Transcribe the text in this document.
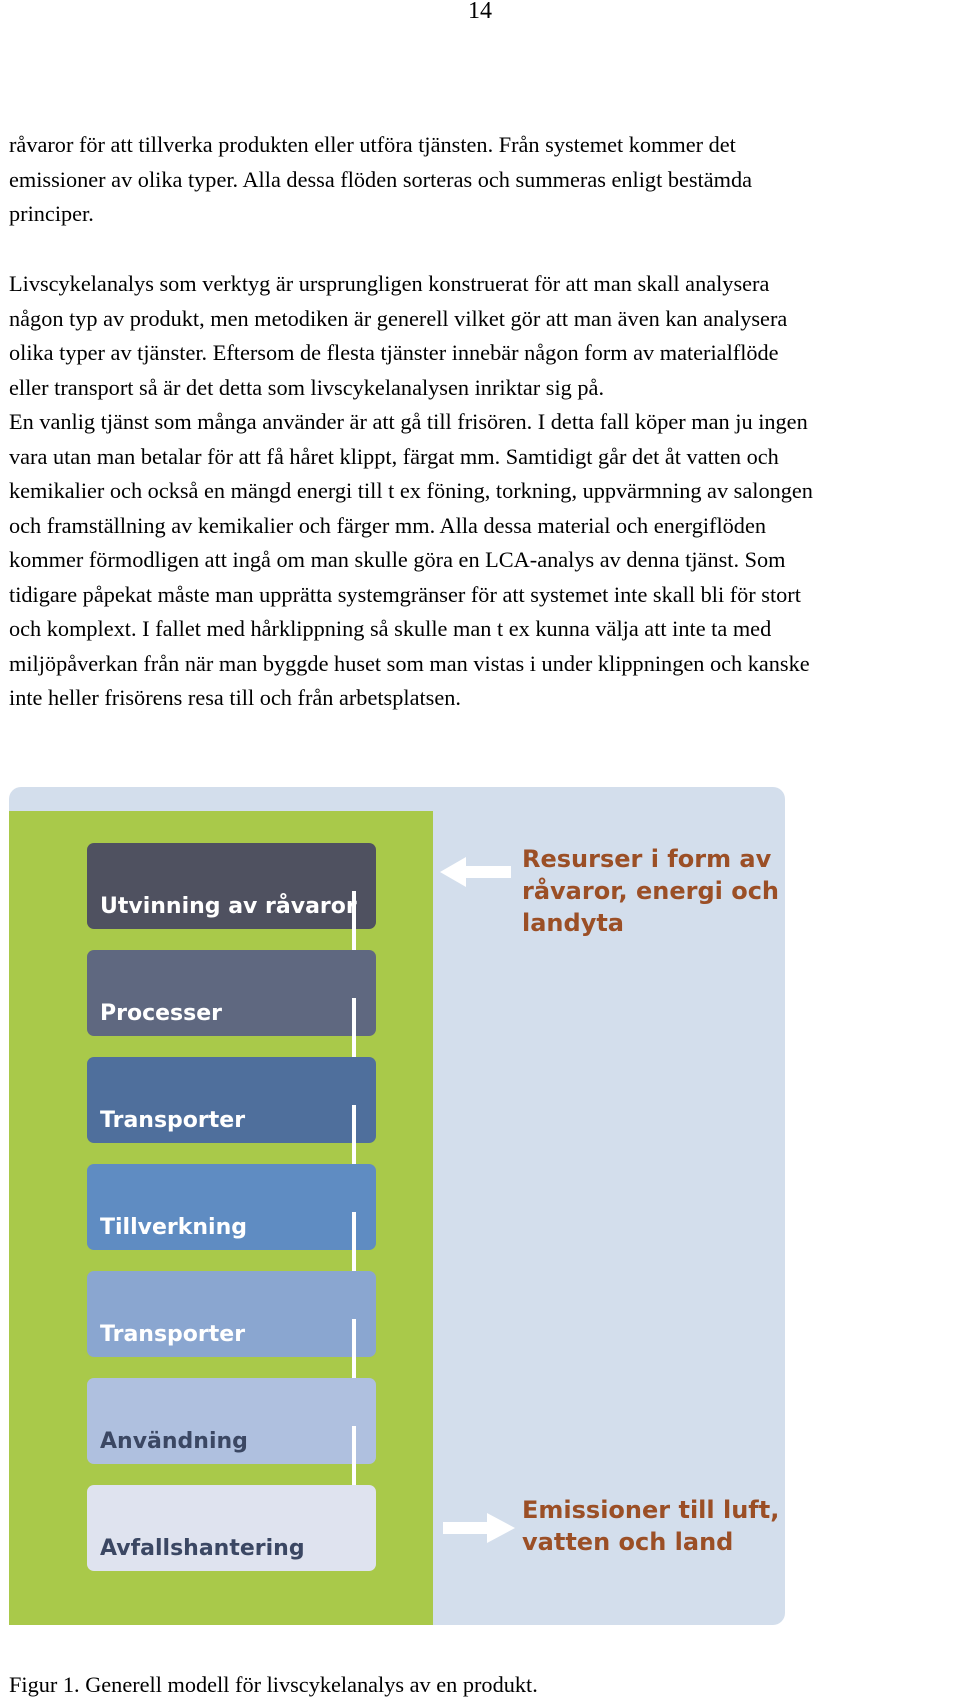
14

råvaror för att tillverka produkten eller utföra tjänsten. Från systemet kommer det
emissioner av olika typer. Alla dessa flöden sorteras och summeras enligt bestämda
principer.

Livscykelanalys som verktyg är ursprungligen konstruerat för att man skall analysera
någon typ av produkt, men metodiken är generell vilket gör att man även kan analysera
olika typer av tjänster. Eftersom de flesta tjänster innebär någon form av materialflöde
eller transport så är det detta som livscykelanalysen inriktar sig på.

En vanlig tjänst som många använder är att gå till frisören. I detta fall köper man ju ingen
vara utan man betalar för att få håret klippt, färgat mm. Samtidigt går det åt vatten och
kemikalier och också en mängd energi till t ex föning, torkning, uppvärmning av salongen
och framställning av kemikalier och färger mm. Alla dessa material och energiflöden
kommer förmodligen att ingå om man skulle göra en LCA-analys av denna tjänst. Som
tidigare påpekat måste man upprätta systemgränser för att systemet inte skall bli för stort
och komplext. I fallet med hårklippning så skulle man t ex kunna välja att inte ta med
miljöpåverkan från när man byggde huset som man vistas i under klippningen och kanske
inte heller frisörens resa till och från arbetsplatsen.

Utvinning av råvaror
Processer
Transporter
Tillverkning
Transporter
Användning
Avfallshantering
Resurser i form av
råvaror, energi och
landyta
Emissioner till luft,
vatten och land
Figur 1. Generell modell för livscykelanalys av en produkt.
